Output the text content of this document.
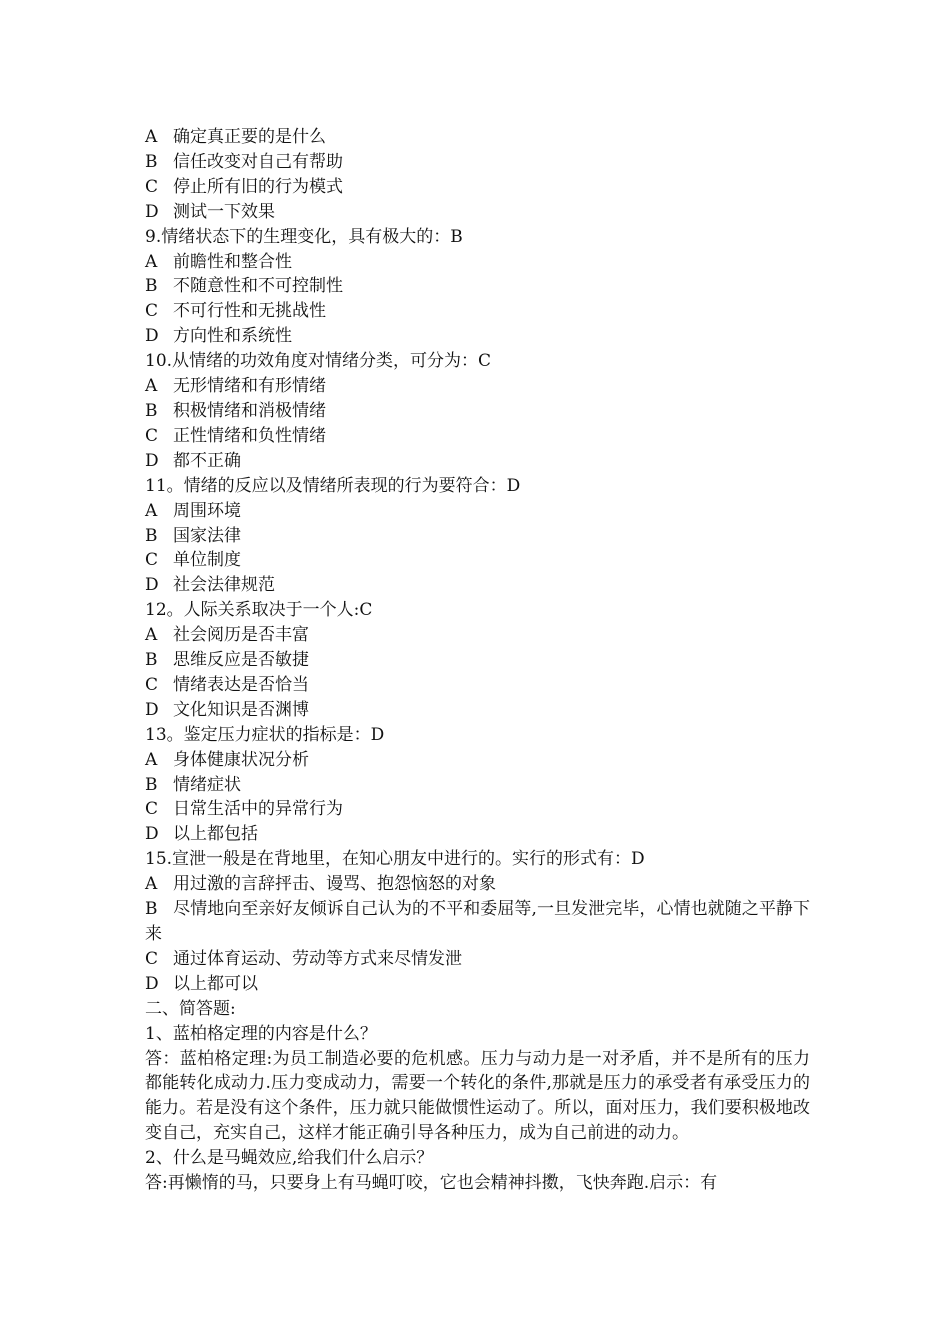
A 确定真正要的是什么
B 信任改变对自己有帮助
C 停止所有旧的行为模式
D 测试一下效果
9.情绪状态下的生理变化，具有极大的：B
A 前瞻性和整合性
B 不随意性和不可控制性
C 不可行性和无挑战性
D 方向性和系统性
10.从情绪的功效角度对情绪分类，可分为：C
A 无形情绪和有形情绪
B 积极情绪和消极情绪
C 正性情绪和负性情绪
D 都不正确
11。情绪的反应以及情绪所表现的行为要符合：D
A 周围环境
B 国家法律
C 单位制度
D 社会法律规范
12。人际关系取决于一个人:C
A 社会阅历是否丰富
B 思维反应是否敏捷
C 情绪表达是否恰当
D 文化知识是否渊博
13。鉴定压力症状的指标是：D
A 身体健康状况分析
B 情绪症状
C 日常生活中的异常行为
D 以上都包括
15.宣泄一般是在背地里，在知心朋友中进行的。实行的形式有：D
A 用过激的言辞抨击、谩骂、抱怨恼怒的对象
B 尽情地向至亲好友倾诉自己认为的不平和委屈等,一旦发泄完毕，心情也就随之平静下来
C 通过体育运动、劳动等方式来尽情发泄
D 以上都可以
二、简答题:
1、蓝柏格定理的内容是什么？
答：蓝柏格定理:为员工制造必要的危机感。压力与动力是一对矛盾，并不是所有的压力都能转化成动力.压力变成动力，需要一个转化的条件,那就是压力的承受者有承受压力的能力。若是没有这个条件，压力就只能做惯性运动了。所以，面对压力，我们要积极地改变自己，充实自己，这样才能正确引导各种压力，成为自己前进的动力。
2、什么是马蝇效应,给我们什么启示？
答:再懒惰的马，只要身上有马蝇叮咬，它也会精神抖擞，飞快奔跑.启示：有
